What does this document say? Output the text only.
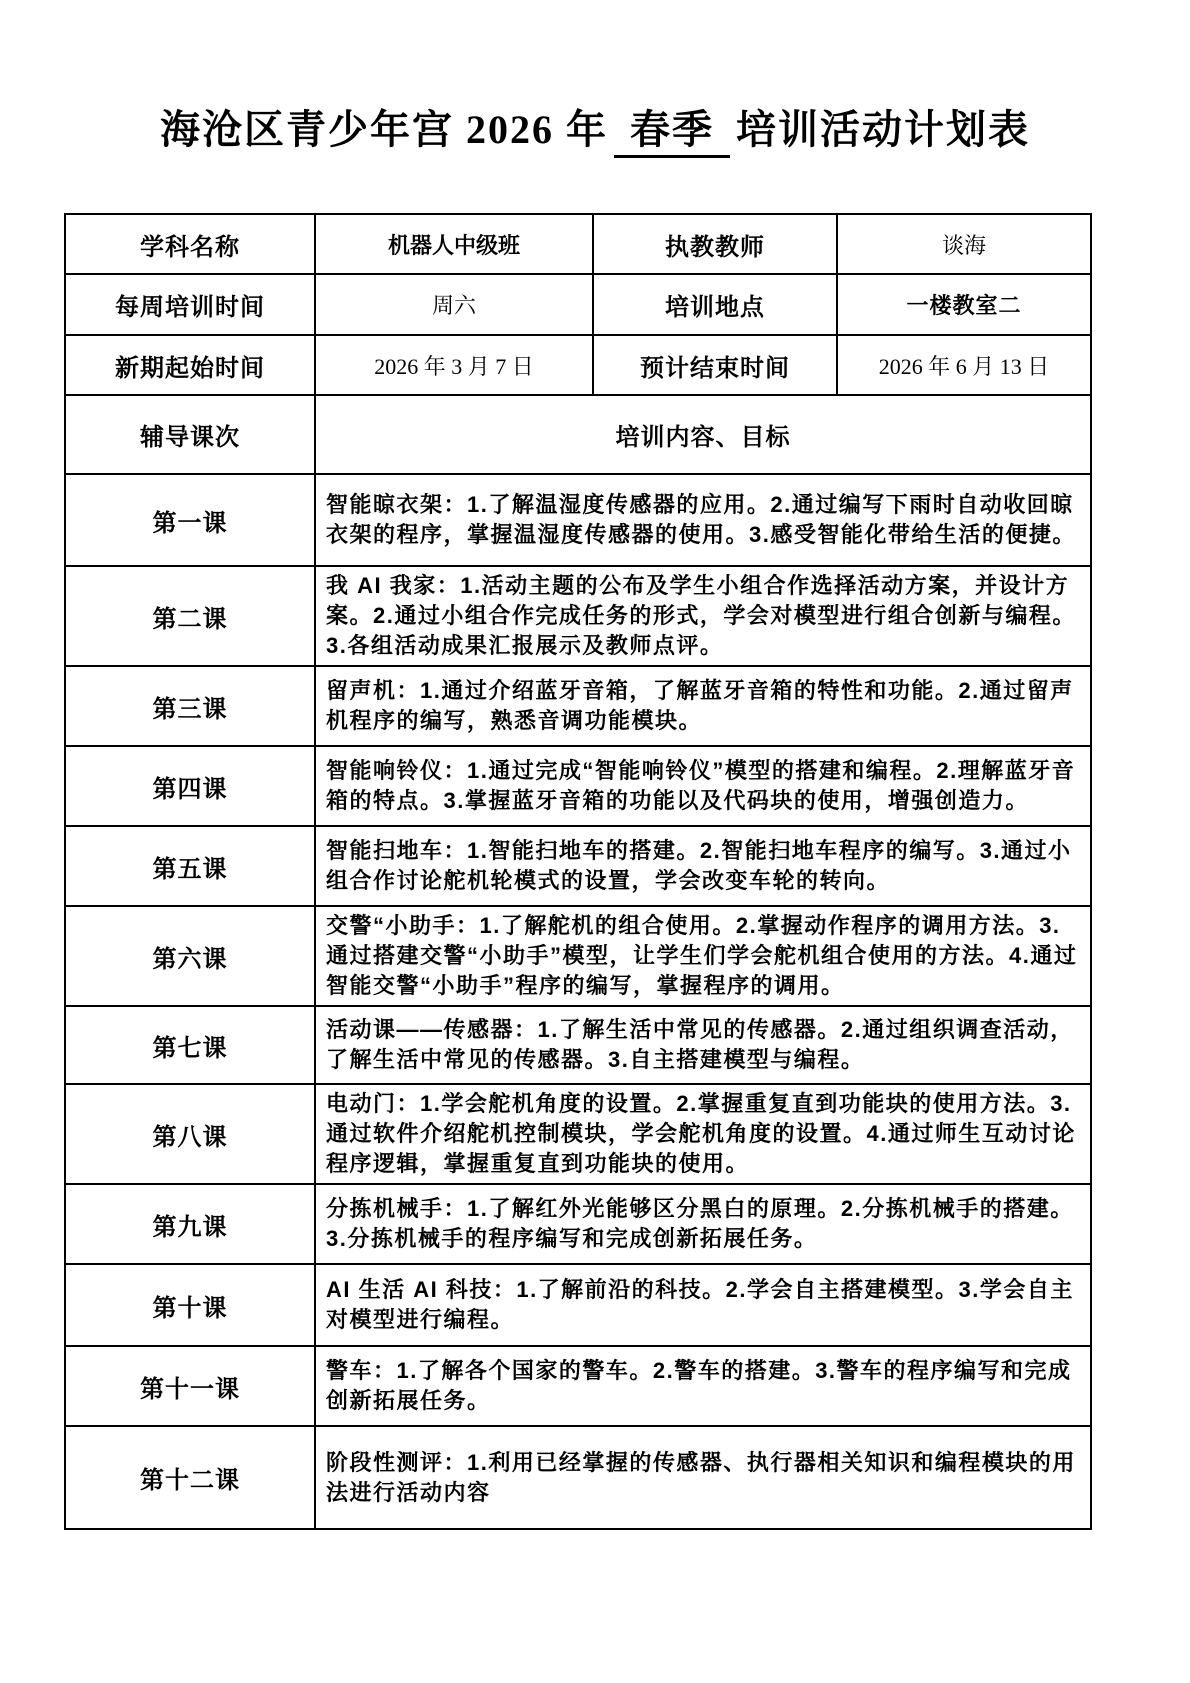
海沧区青少年宫 2026 年 春季 培训活动计划表
学科名称	机器人中级班	执教教师	谈海
每周培训时间	周六	培训地点	一楼教室二
新期起始时间	2026 年 3 月 7 日	预计结束时间	2026 年 6 月 13 日
辅导课次	培训内容、目标		
第一课	智能晾衣架：1.了解温湿度传感器的应用。2.通过编写下雨时自动收回晾衣架的程序，掌握温湿度传感器的使用。3.感受智能化带给生活的便捷。		
第二课	我 AI 我家：1.活动主题的公布及学生小组合作选择活动方案，并设计方案。2.通过小组合作完成任务的形式，学会对模型进行组合创新与编程。3.各组活动成果汇报展示及教师点评。		
第三课	留声机：1.通过介绍蓝牙音箱，了解蓝牙音箱的特性和功能。2.通过留声机程序的编写，熟悉音调功能模块。		
第四课	智能响铃仪：1.通过完成“智能响铃仪”模型的搭建和编程。2.理解蓝牙音箱的特点。3.掌握蓝牙音箱的功能以及代码块的使用，增强创造力。		
第五课	智能扫地车：1.智能扫地车的搭建。2.智能扫地车程序的编写。3.通过小组合作讨论舵机轮模式的设置，学会改变车轮的转向。		
第六课	交警“小助手：1.了解舵机的组合使用。2.掌握动作程序的调用方法。3.通过搭建交警“小助手”模型，让学生们学会舵机组合使用的方法。4.通过智能交警“小助手”程序的编写，掌握程序的调用。		
第七课	活动课——传感器：1.了解生活中常见的传感器。2.通过组织调查活动，了解生活中常见的传感器。3.自主搭建模型与编程。		
第八课	电动门：1.学会舵机角度的设置。2.掌握重复直到功能块的使用方法。3.通过软件介绍舵机控制模块，学会舵机角度的设置。4.通过师生互动讨论程序逻辑，掌握重复直到功能块的使用。		
第九课	分拣机械手：1.了解红外光能够区分黑白的原理。2.分拣机械手的搭建。3.分拣机械手的程序编写和完成创新拓展任务。		
第十课	AI 生活 AI 科技：1.了解前沿的科技。2.学会自主搭建模型。3.学会自主对模型进行编程。		
第十一课	警车：1.了解各个国家的警车。2.警车的搭建。3.警车的程序编写和完成创新拓展任务。		
第十二课	阶段性测评：1.利用已经掌握的传感器、执行器相关知识和编程模块的用法进行活动内容		
